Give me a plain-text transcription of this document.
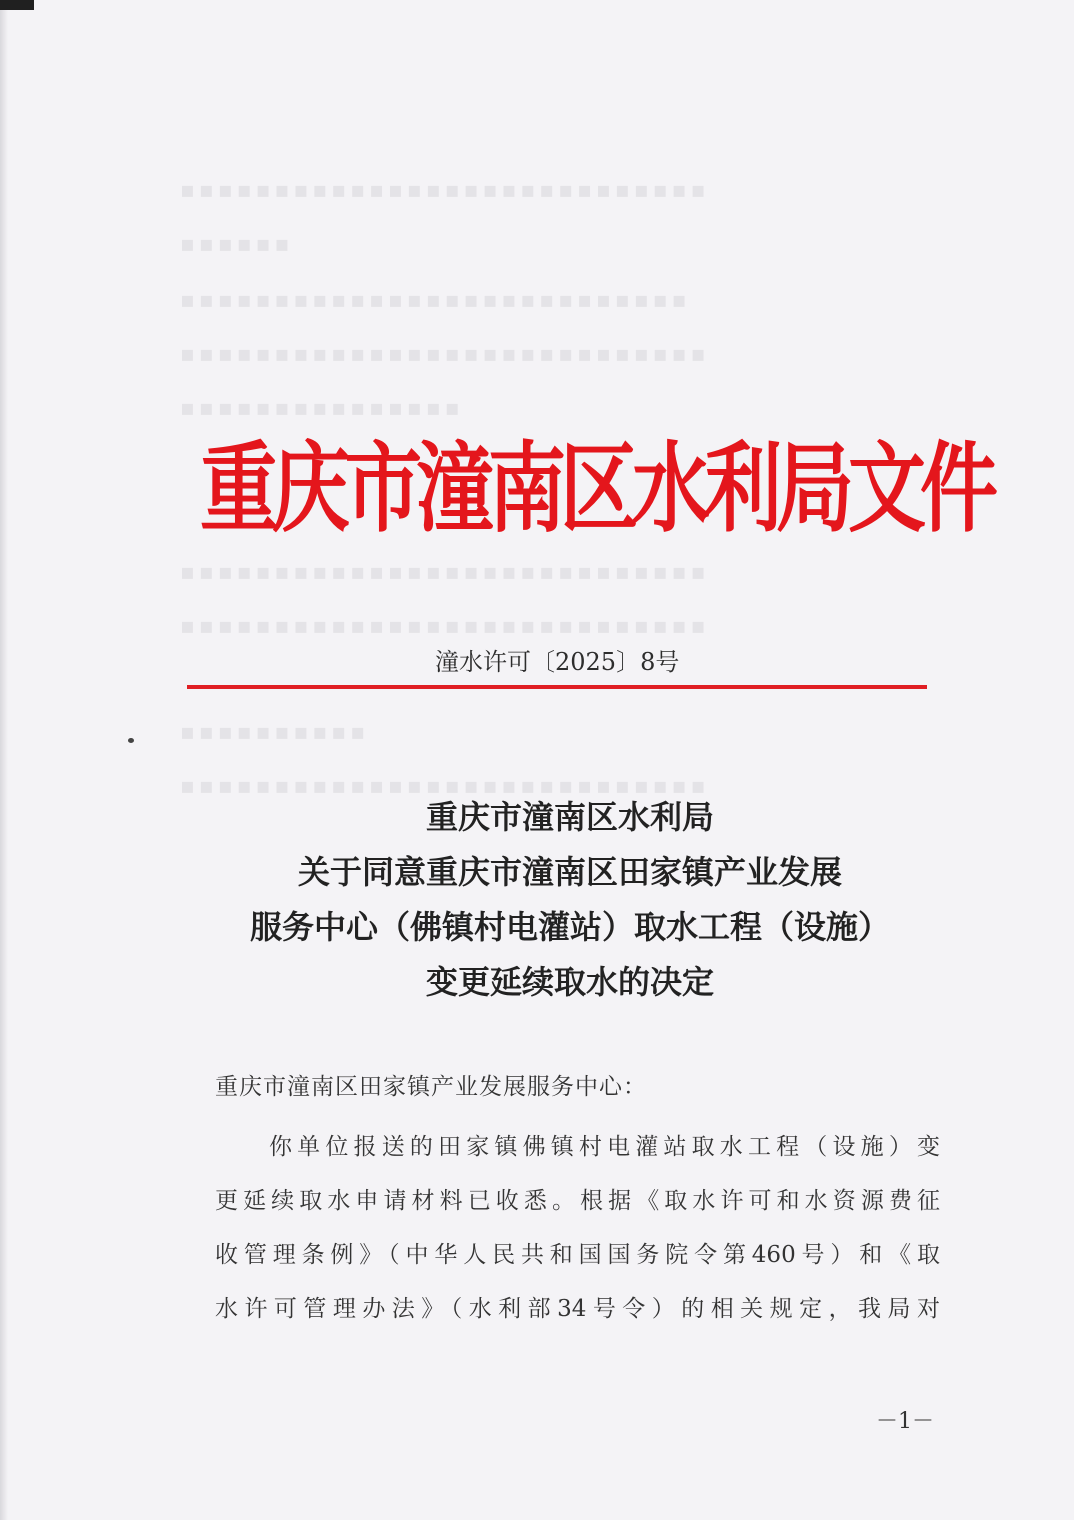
▪▪▪▪▪▪▪▪▪▪▪▪▪▪▪▪▪▪▪▪▪▪▪▪▪▪▪▪
▪▪▪▪▪▪
▪▪▪▪▪▪▪▪▪▪▪▪▪▪▪▪▪▪▪▪▪▪▪▪▪▪▪
▪▪▪▪▪▪▪▪▪▪▪▪▪▪▪▪▪▪▪▪▪▪▪▪▪▪▪▪
▪▪▪▪▪▪▪▪▪▪▪▪▪▪▪
▪▪▪▪▪▪▪▪▪▪▪▪▪▪▪▪▪▪▪▪▪▪▪▪▪▪▪▪
▪▪▪▪▪▪▪▪▪▪▪▪▪▪▪▪▪▪▪▪▪▪▪▪▪▪▪▪
▪▪▪▪▪▪▪▪▪▪
▪▪▪▪▪▪▪▪▪▪▪▪▪▪▪▪▪▪▪▪▪▪▪▪▪▪▪▪
重庆市潼南区水利局文件
潼水许可〔2025〕8号
重庆市潼南区水利局
关于同意重庆市潼南区田家镇产业发展
服务中心（佛镇村电灌站）取水工程（设施）
变更延续取水的决定
重庆市潼南区田家镇产业发展服务中心：
你单位报送的田家镇佛镇村电灌站取水工程（设施）变
更延续取水申请材料已收悉。根据《取水许可和水资源费征
收管理条例》（中华人民共和国国务院令第460号）和《取
水许可管理办法》（水利部34号令）的相关规定，我局对
－1－
